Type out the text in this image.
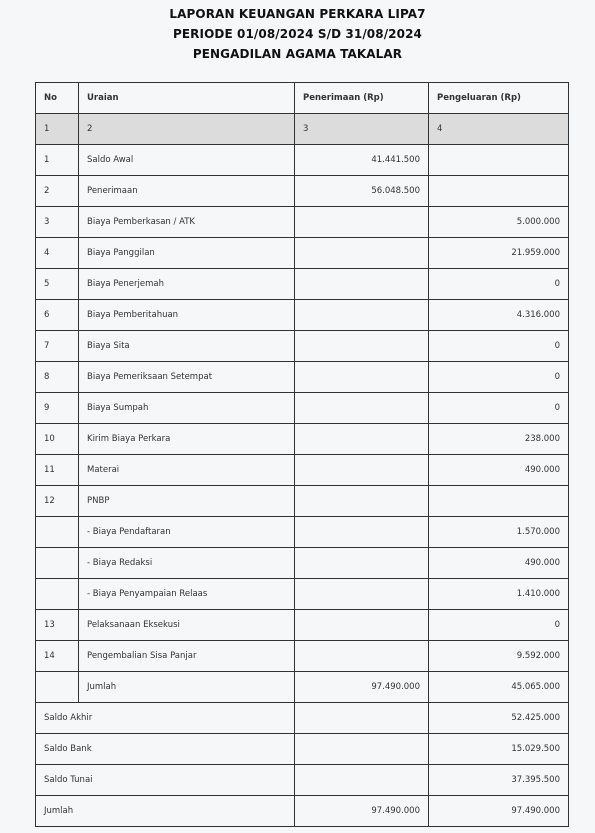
LAPORAN KEUANGAN PERKARA LIPA7
PERIODE 01/08/2024 S/D 31/08/2024
PENGADILAN AGAMA TAKALAR
No	Uraian	Penerimaan (Rp)	Pengeluaran (Rp)
1	2	3	4
1	Saldo Awal	41.441.500	
2	Penerimaan	56.048.500	
3	Biaya Pemberkasan / ATK		5.000.000
4	Biaya Panggilan		21.959.000
5	Biaya Penerjemah		0
6	Biaya Pemberitahuan		4.316.000
7	Biaya Sita		0
8	Biaya Pemeriksaan Setempat		0
9	Biaya Sumpah		0
10	Kirim Biaya Perkara		238.000
11	Materai		490.000
12	PNBP		
	- Biaya Pendaftaran		1.570.000
	- Biaya Redaksi		490.000
	- Biaya Penyampaian Relaas		1.410.000
13	Pelaksanaan Eksekusi		0
14	Pengembalian Sisa Panjar		9.592.000
	Jumlah	97.490.000	45.065.000
Saldo Akhir			52.425.000
Saldo Bank			15.029.500
Saldo Tunai			37.395.500
Jumlah		97.490.000	97.490.000
